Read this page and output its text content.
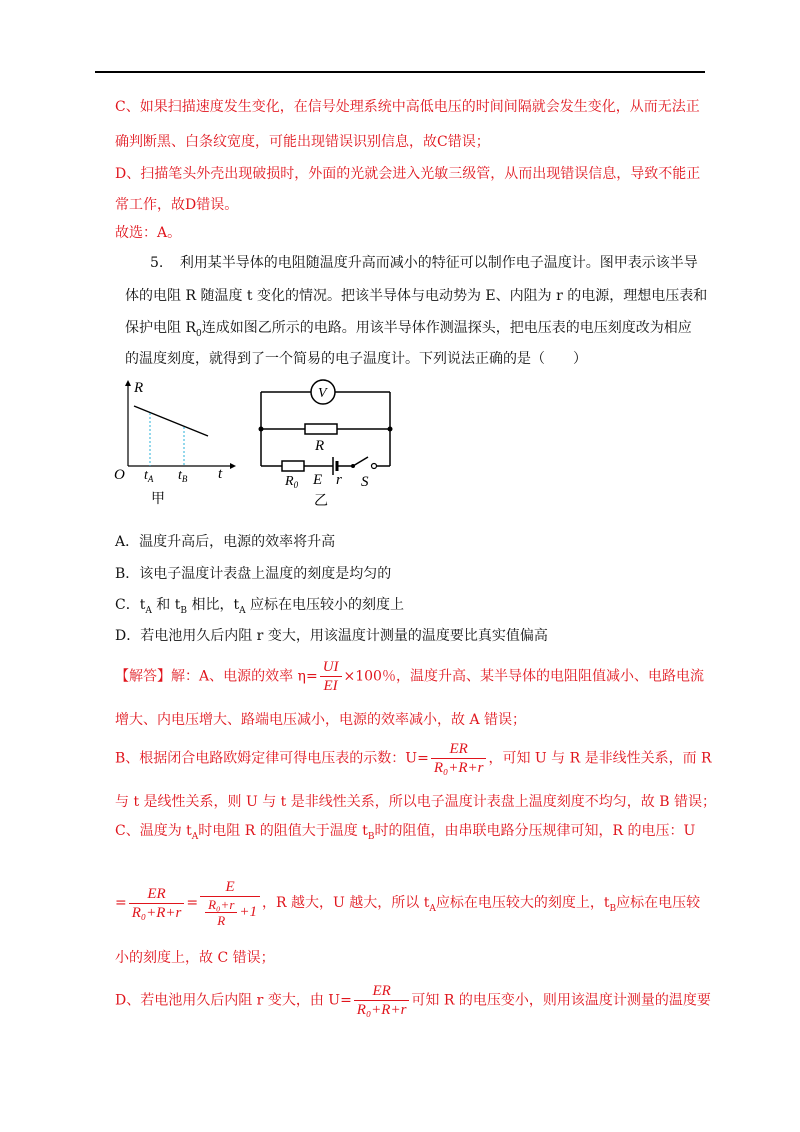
C、如果扫描速度发生变化，在信号处理系统中高低电压的时间间隔就会发生变化，从而无法正
确判断黑、白条纹宽度，可能出现错误识别信息，故C错误；
D、扫描笔头外壳出现破损时，外面的光就会进入光敏三级管，从而出现错误信息，导致不能正
常工作，故D错误。
故选：A。
5. 利用某半导体的电阻随温度升高而减小的特征可以制作电子温度计。图甲表示该半导
体的电阻 R 随温度 t 变化的情况。把该半导体与电动势为 E、内阻为 r 的电源，理想电压表和
保护电阻 $R_0$连成如图乙所示的电路。用该半导体作测温探头，把电压表的电压刻度改为相应
的温度刻度，就得到了一个简易的电子温度计。下列说法正确的是（　　）
R
t
O $t_A$ $t_B$
甲
V
R
$R_0$ E r S
乙
A．温度升高后，电源的效率将升高
B．该电子温度计表盘上温度的刻度是均匀的
C．$t_A$ 和 $t_B$ 相比，$t_A$ 应标在电压较小的刻度上
D．若电池用久后内阻 r 变大，用该温度计测量的温度要比真实值偏高
【解答】解：A、电源的效率 $\eta= \frac{UI}{EI} \times 100$％，温度升高、某半导体的电阻阻值减小、电路电流
增大、内电压增大、路端电压减小，电源的效率减小，故 A 错误；
B、根据闭合电路欧姆定律可得电压表的示数：$U= \frac{ER}{\text{R₀+R+r}}$ ，可知 U 与 R 是非线性关系，而 R
与 t 是线性关系，则 U 与 t 是非线性关系，所以电子温度计表盘上温度刻度不均匀，故 B 错误；
C、温度为 $t_A$时电阻 R 的阻值大于温度 $t_B$时的阻值，由串联电路分压规律可知，R 的电压：U
= $\frac{ER}{\text{R₀+R+r}} = \frac{E}{\frac{\text{R₀+r}}{R} +1}$ ，R 越大，U 越大，所以 $t_A$应标在电压较大的刻度上，$t_B$应标在电压较
小的刻度上，故 C 错误；
D、若电池用久后内阻 r 变大，由 $U= \frac{ER}{\text{R₀+R+r}}$ 可知 R 的电压变小，则用该温度计测量的温度要
